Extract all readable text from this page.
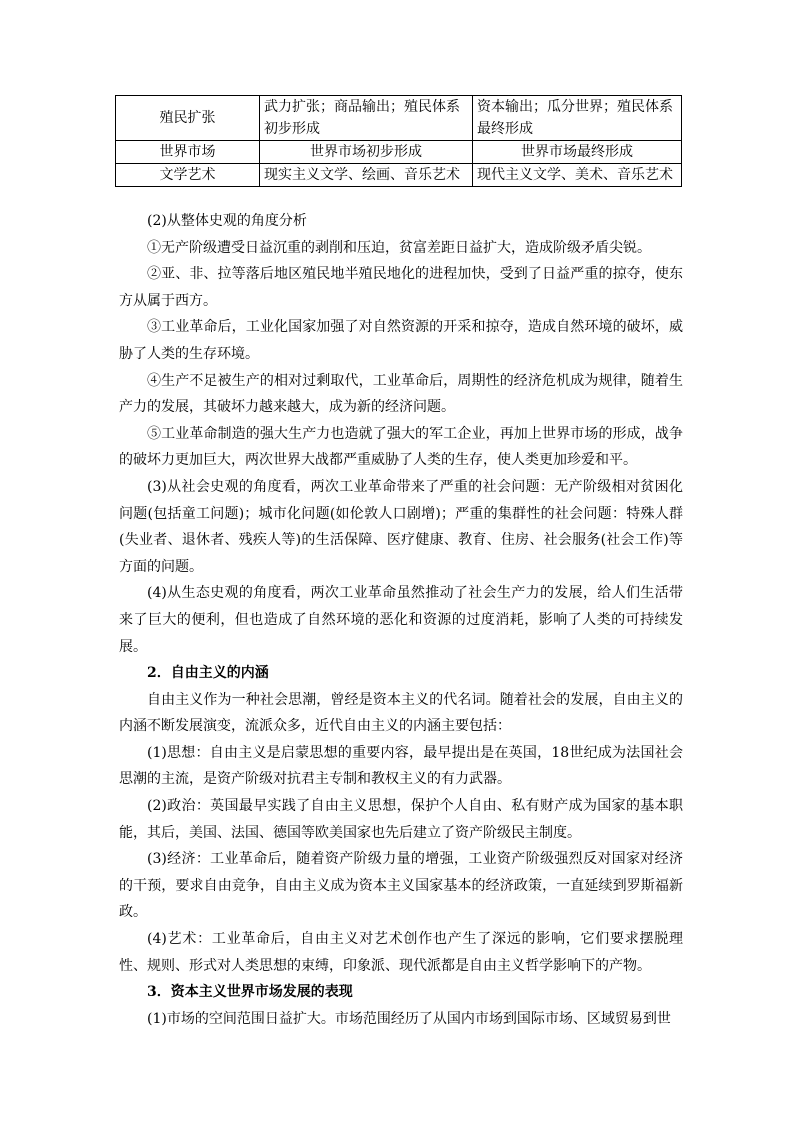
殖民扩张	武力扩张；商品输出；殖民体系初步形成	资本输出；瓜分世界；殖民体系最终形成
世界市场	世界市场初步形成	世界市场最终形成
文学艺术	现实主义文学、绘画、音乐艺术	现代主义文学、美术、音乐艺术

(2)从整体史观的角度分析

①无产阶级遭受日益沉重的剥削和压迫，贫富差距日益扩大，造成阶级矛盾尖锐。

②亚、非、拉等落后地区殖民地半殖民地化的进程加快，受到了日益严重的掠夺，使东方从属于西方。

③工业革命后，工业化国家加强了对自然资源的开采和掠夺，造成自然环境的破坏，威胁了人类的生存环境。

④生产不足被生产的相对过剩取代，工业革命后，周期性的经济危机成为规律，随着生产力的发展，其破坏力越来越大，成为新的经济问题。

⑤工业革命制造的强大生产力也造就了强大的军工企业，再加上世界市场的形成，战争的破坏力更加巨大，两次世界大战都严重威胁了人类的生存，使人类更加珍爱和平。

(3)从社会史观的角度看，两次工业革命带来了严重的社会问题：无产阶级相对贫困化问题(包括童工问题)；城市化问题(如伦敦人口剧增)；严重的集群性的社会问题：特殊人群(失业者、退休者、残疾人等)的生活保障、医疗健康、教育、住房、社会服务(社会工作)等方面的问题。

(4)从生态史观的角度看，两次工业革命虽然推动了社会生产力的发展，给人们生活带来了巨大的便利，但也造成了自然环境的恶化和资源的过度消耗，影响了人类的可持续发展。

2．自由主义的内涵

自由主义作为一种社会思潮，曾经是资本主义的代名词。随着社会的发展，自由主义的内涵不断发展演变，流派众多，近代自由主义的内涵主要包括：

(1)思想：自由主义是启蒙思想的重要内容，最早提出是在英国，18世纪成为法国社会思潮的主流，是资产阶级对抗君主专制和教权主义的有力武器。

(2)政治：英国最早实践了自由主义思想，保护个人自由、私有财产成为国家的基本职能，其后，美国、法国、德国等欧美国家也先后建立了资产阶级民主制度。

(3)经济：工业革命后，随着资产阶级力量的增强，工业资产阶级强烈反对国家对经济的干预，要求自由竞争，自由主义成为资本主义国家基本的经济政策，一直延续到罗斯福新政。

(4)艺术：工业革命后，自由主义对艺术创作也产生了深远的影响，它们要求摆脱理性、规则、形式对人类思想的束缚，印象派、现代派都是自由主义哲学影响下的产物。

3．资本主义世界市场发展的表现

(1)市场的空间范围日益扩大。市场范围经历了从国内市场到国际市场、区域贸易到世
